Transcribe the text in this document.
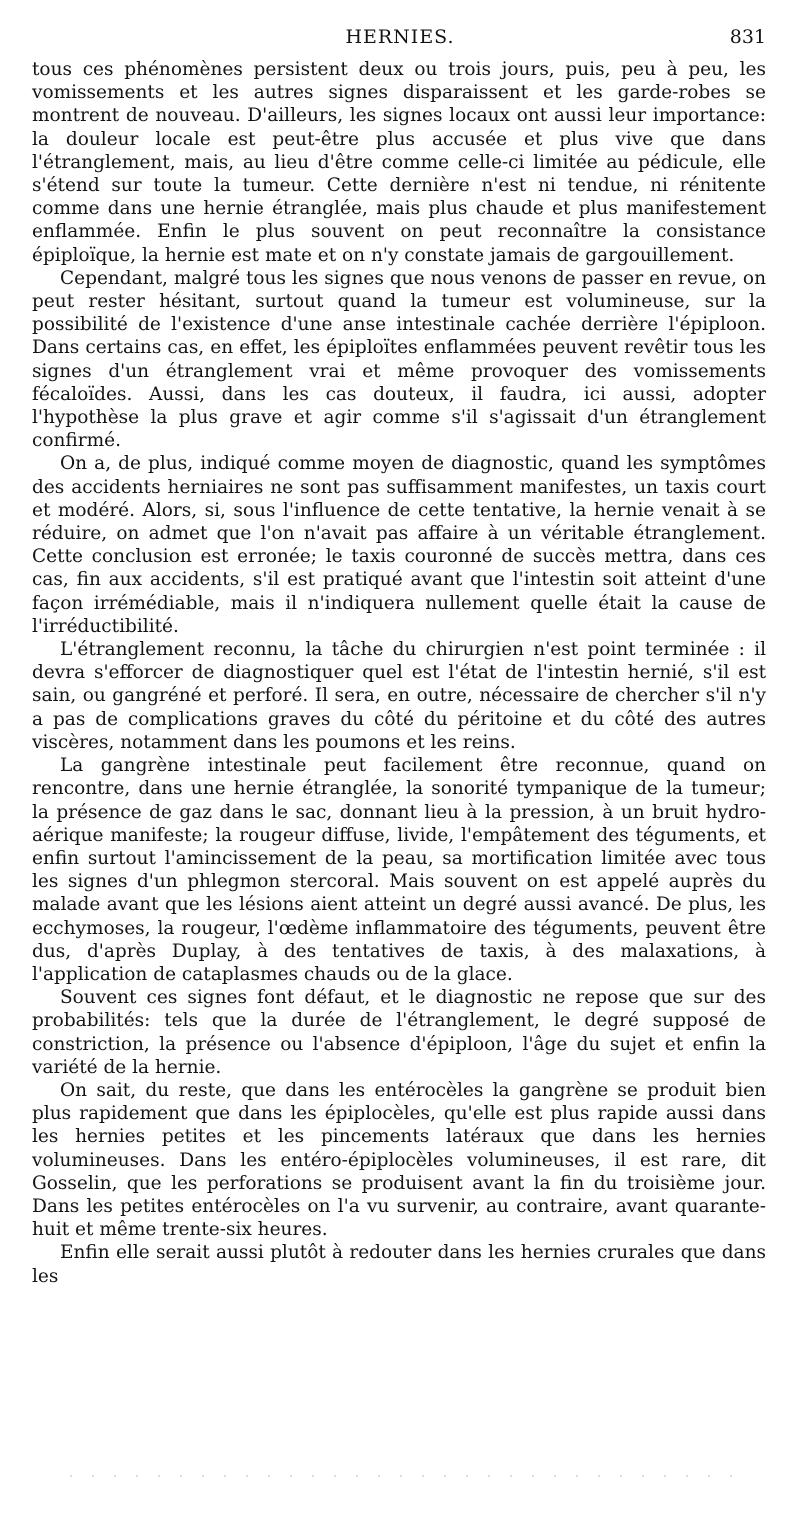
HERNIES.	831

tous ces phénomènes persistent deux ou trois jours, puis, peu à peu, les vomissements et les autres signes disparaissent et les garde-robes se montrent de nouveau. D'ailleurs, les signes locaux ont aussi leur importance: la douleur locale est peut-être plus accusée et plus vive que dans l'étranglement, mais, au lieu d'être comme celle-ci limitée au pédicule, elle s'étend sur toute la tumeur. Cette dernière n'est ni tendue, ni rénitente comme dans une hernie étranglée, mais plus chaude et plus manifestement enflammée. Enfin le plus souvent on peut reconnaître la consistance épiploïque, la hernie est mate et on n'y constate jamais de gargouillement.

Cependant, malgré tous les signes que nous venons de passer en revue, on peut rester hésitant, surtout quand la tumeur est volumineuse, sur la possibilité de l'existence d'une anse intestinale cachée derrière l'épiploon. Dans certains cas, en effet, les épiploïtes enflammées peuvent revêtir tous les signes d'un étranglement vrai et même provoquer des vomissements fécaloïdes. Aussi, dans les cas douteux, il faudra, ici aussi, adopter l'hypothèse la plus grave et agir comme s'il s'agissait d'un étranglement confirmé.

On a, de plus, indiqué comme moyen de diagnostic, quand les symptômes des accidents herniaires ne sont pas suffisamment manifestes, un taxis court et modéré. Alors, si, sous l'influence de cette tentative, la hernie venait à se réduire, on admet que l'on n'avait pas affaire à un véritable étranglement. Cette conclusion est erronée; le taxis couronné de succès mettra, dans ces cas, fin aux accidents, s'il est pratiqué avant que l'intestin soit atteint d'une façon irrémédiable, mais il n'indiquera nullement quelle était la cause de l'irréductibilité.

L'étranglement reconnu, la tâche du chirurgien n'est point terminée : il devra s'efforcer de diagnostiquer quel est l'état de l'intestin hernié, s'il est sain, ou gangréné et perforé. Il sera, en outre, nécessaire de chercher s'il n'y a pas de complications graves du côté du péritoine et du côté des autres viscères, notamment dans les poumons et les reins.

La gangrène intestinale peut facilement être reconnue, quand on rencontre, dans une hernie étranglée, la sonorité tympanique de la tumeur; la présence de gaz dans le sac, donnant lieu à la pression, à un bruit hydro-aérique manifeste; la rougeur diffuse, livide, l'empâtement des téguments, et enfin surtout l'amincissement de la peau, sa mortification limitée avec tous les signes d'un phlegmon stercoral. Mais souvent on est appelé auprès du malade avant que les lésions aient atteint un degré aussi avancé. De plus, les ecchymoses, la rougeur, l'œdème inflammatoire des téguments, peuvent être dus, d'après Duplay, à des tentatives de taxis, à des malaxations, à l'application de cataplasmes chauds ou de la glace.

Souvent ces signes font défaut, et le diagnostic ne repose que sur des probabilités: tels que la durée de l'étranglement, le degré supposé de constriction, la présence ou l'absence d'épiploon, l'âge du sujet et enfin la variété de la hernie.

On sait, du reste, que dans les entérocèles la gangrène se produit bien plus rapidement que dans les épiplocèles, qu'elle est plus rapide aussi dans les hernies petites et les pincements latéraux que dans les hernies volumineuses. Dans les entéro-épiplocèles volumineuses, il est rare, dit Gosselin, que les perforations se produisent avant la fin du troisième jour. Dans les petites entérocèles on l'a vu survenir, au contraire, avant quarante-huit et même trente-six heures.

Enfin elle serait aussi plutôt à redouter dans les hernies crurales que dans les
